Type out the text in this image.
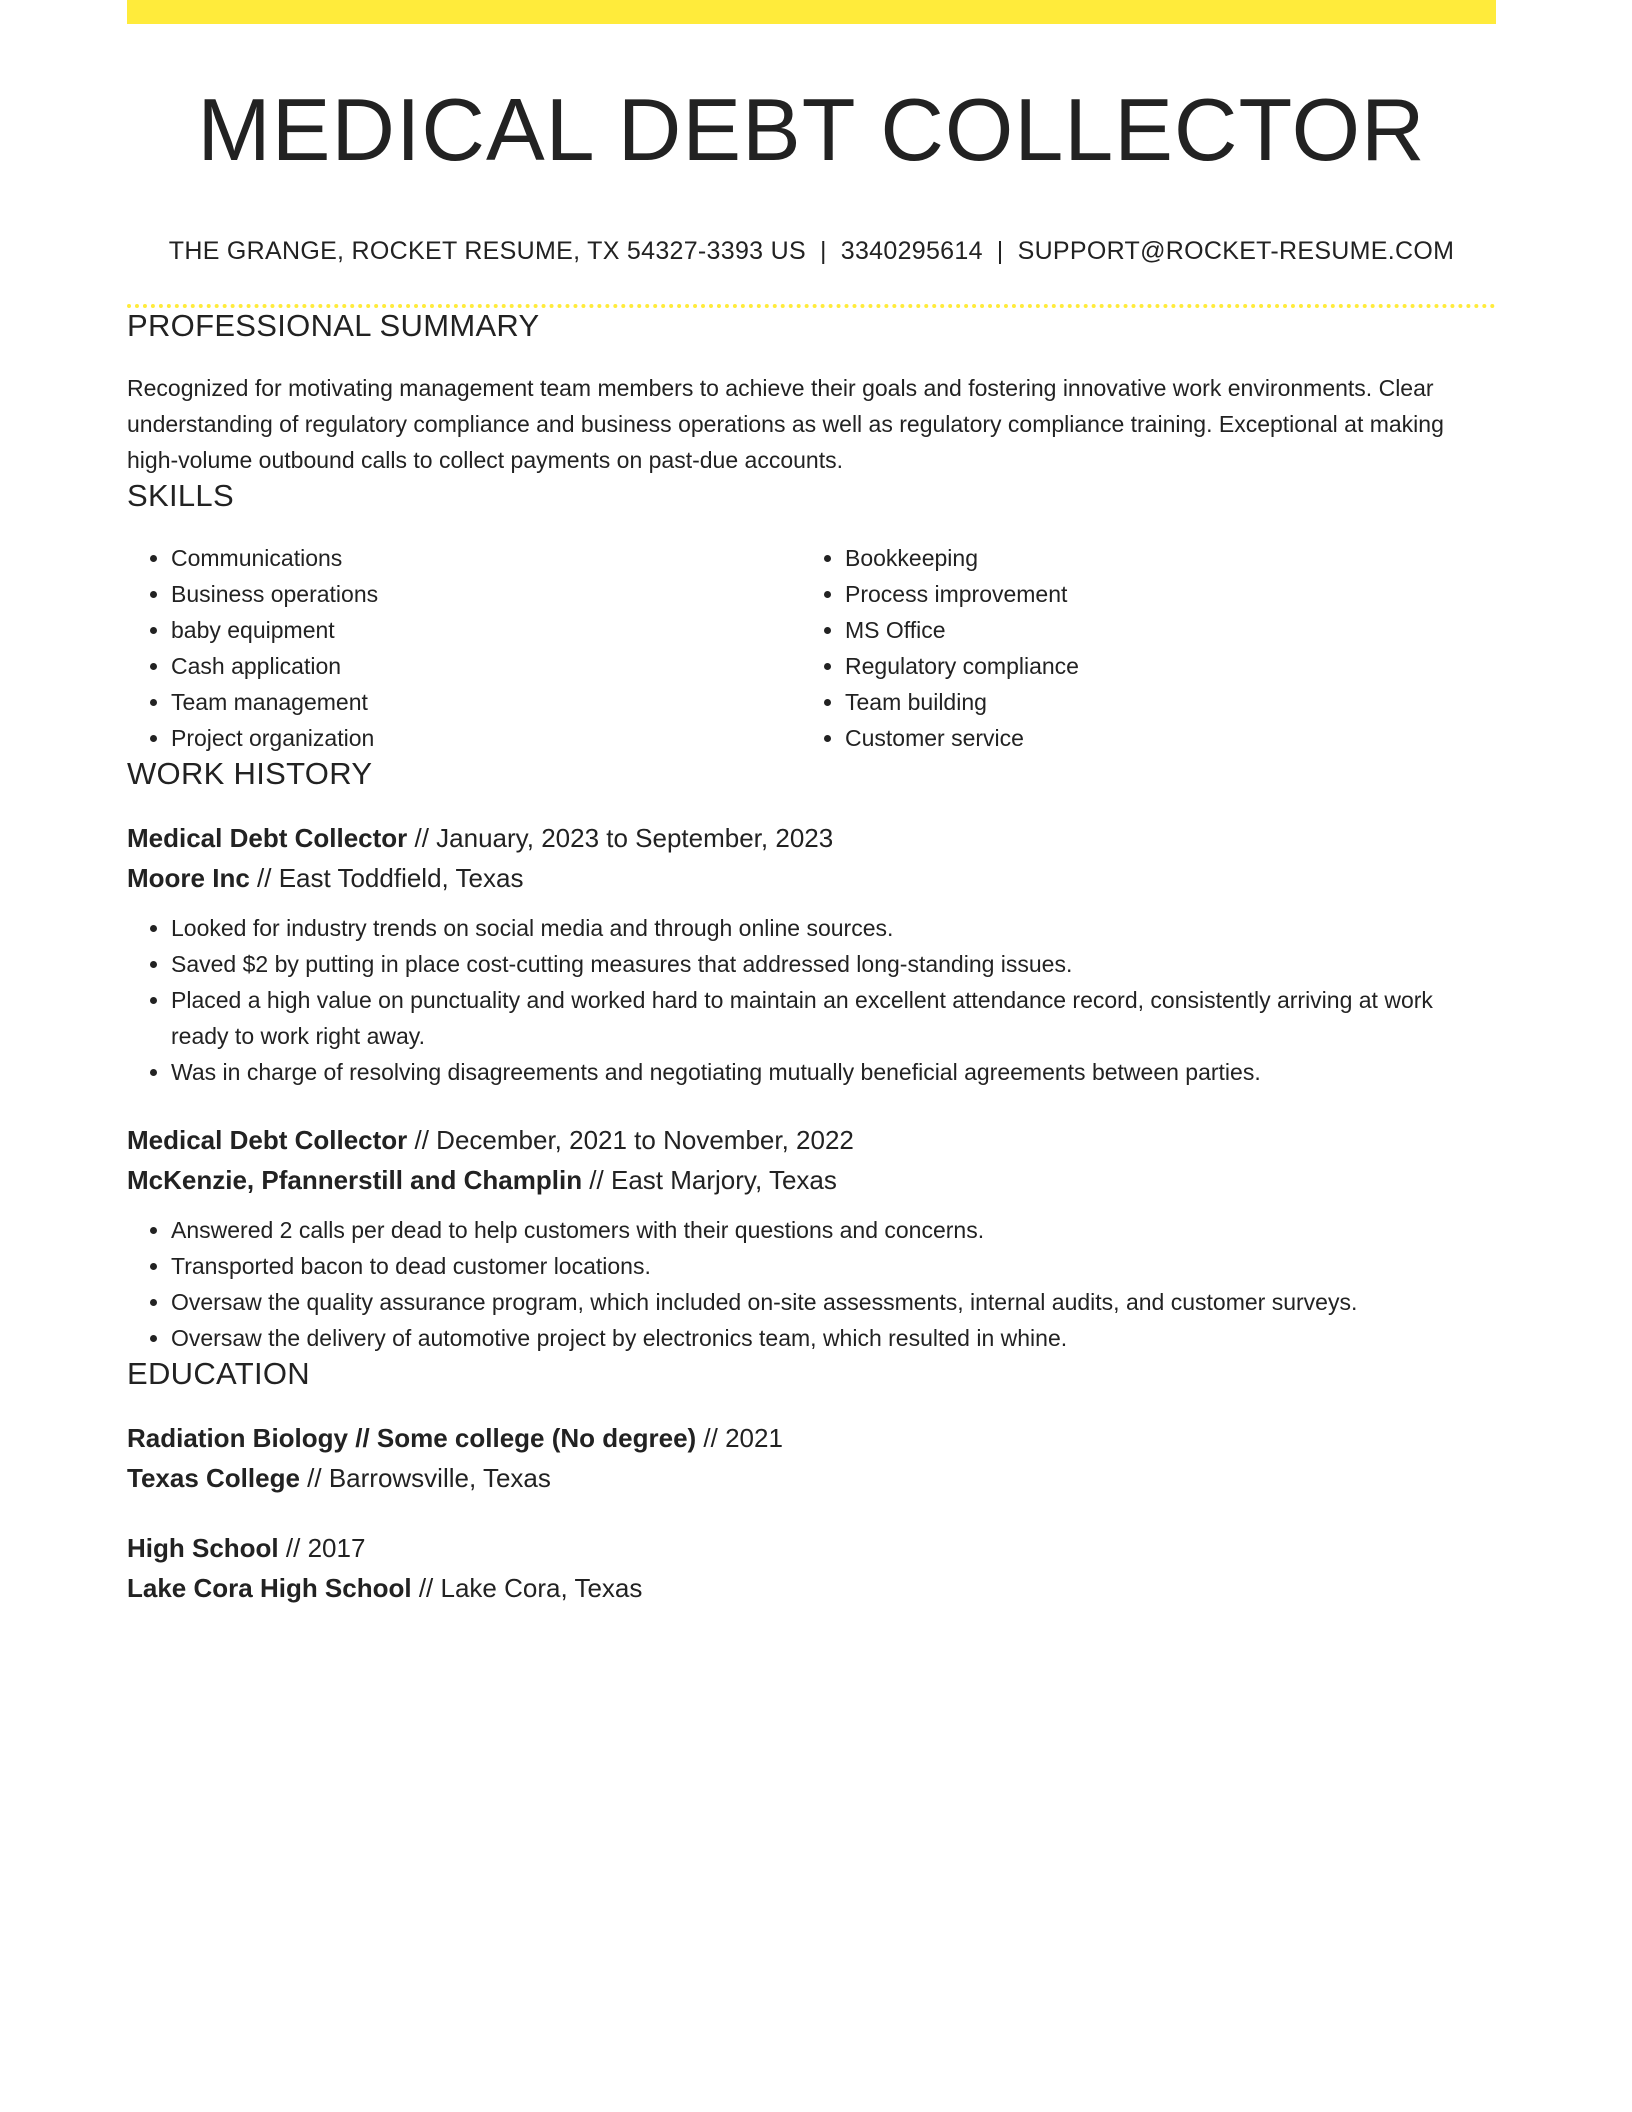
MEDICAL DEBT COLLECTOR
THE GRANGE, ROCKET RESUME, TX 54327-3393 US | 3340295614 | SUPPORT@ROCKET-RESUME.COM
PROFESSIONAL SUMMARY
Recognized for motivating management team members to achieve their goals and fostering innovative work environments. Clear understanding of regulatory compliance and business operations as well as regulatory compliance training. Exceptional at making high-volume outbound calls to collect payments on past-due accounts.
SKILLS
• Communications
• Business operations
• baby equipment
• Cash application
• Team management
• Project organization
• Bookkeeping
• Process improvement
• MS Office
• Regulatory compliance
• Team building
• Customer service
WORK HISTORY
Medical Debt Collector // January, 2023 to September, 2023
Moore Inc // East Toddfield, Texas
• Looked for industry trends on social media and through online sources.
• Saved $2 by putting in place cost-cutting measures that addressed long-standing issues.
• Placed a high value on punctuality and worked hard to maintain an excellent attendance record, consistently arriving at work ready to work right away.
• Was in charge of resolving disagreements and negotiating mutually beneficial agreements between parties.
Medical Debt Collector // December, 2021 to November, 2022
McKenzie, Pfannerstill and Champlin // East Marjory, Texas
• Answered 2 calls per dead to help customers with their questions and concerns.
• Transported bacon to dead customer locations.
• Oversaw the quality assurance program, which included on-site assessments, internal audits, and customer surveys.
• Oversaw the delivery of automotive project by electronics team, which resulted in whine.
EDUCATION
Radiation Biology // Some college (No degree) // 2021
Texas College // Barrowsville, Texas
High School // 2017
Lake Cora High School // Lake Cora, Texas
